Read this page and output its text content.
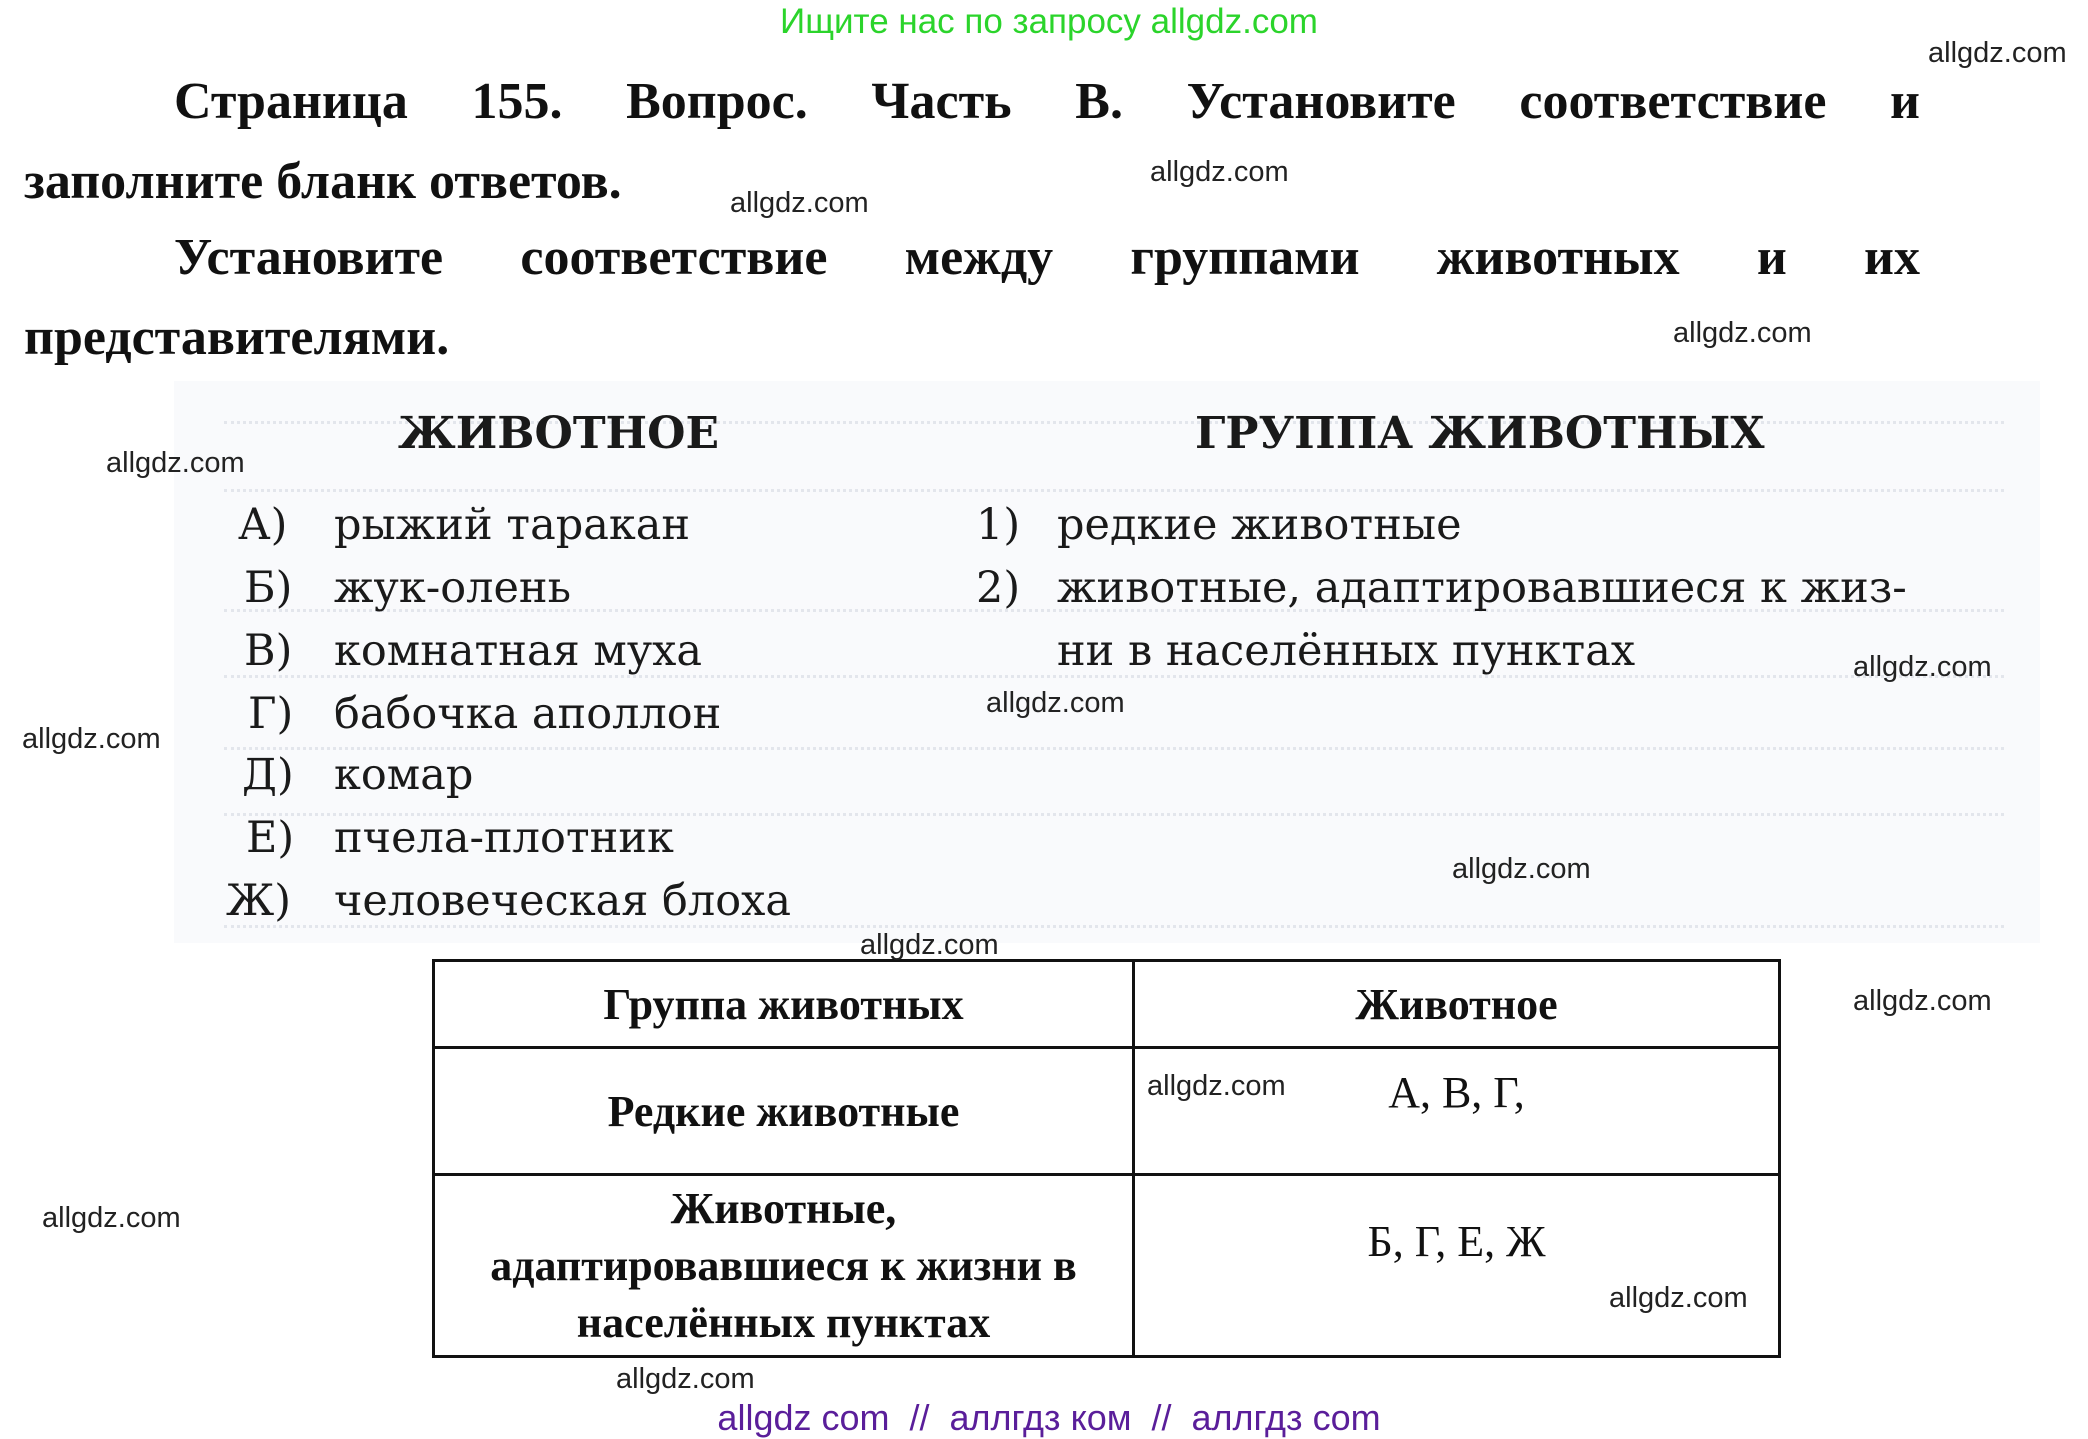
Ищите нас по запросу allgdz.com
Страница 155. Вопрос. Часть В. Установите соответствие и
заполните бланк ответов.
Установите соответствие между группами животных и их
представителями.
ЖИВОТНОЕ	ГРУППА ЖИВОТНЫХ
А) рыжий таракан
Б) жук-олень
В) комнатная муха
Г) бабочка аполлон
Д) комар
Е) пчела-плотник
Ж) человеческая блоха
1) редкие животные
2) животные, адаптировавшиеся к жиз-
ни в населённых пунктах
Группа животных	Животное
Редкие животные	А, В, Г,

Животные,
адаптировавшиеся к жизни в
населённых пунктах	Б, Г, Е, Ж
allgdz.com
allgdz.com
allgdz.com
allgdz.com
allgdz.com
allgdz.com
allgdz.com
allgdz.com
allgdz.com
allgdz.com
allgdz.com
allgdz.com
allgdz.com
allgdz.com
allgdz.com
allgdz com  //  аллгдз ком  //  аллгдз com
